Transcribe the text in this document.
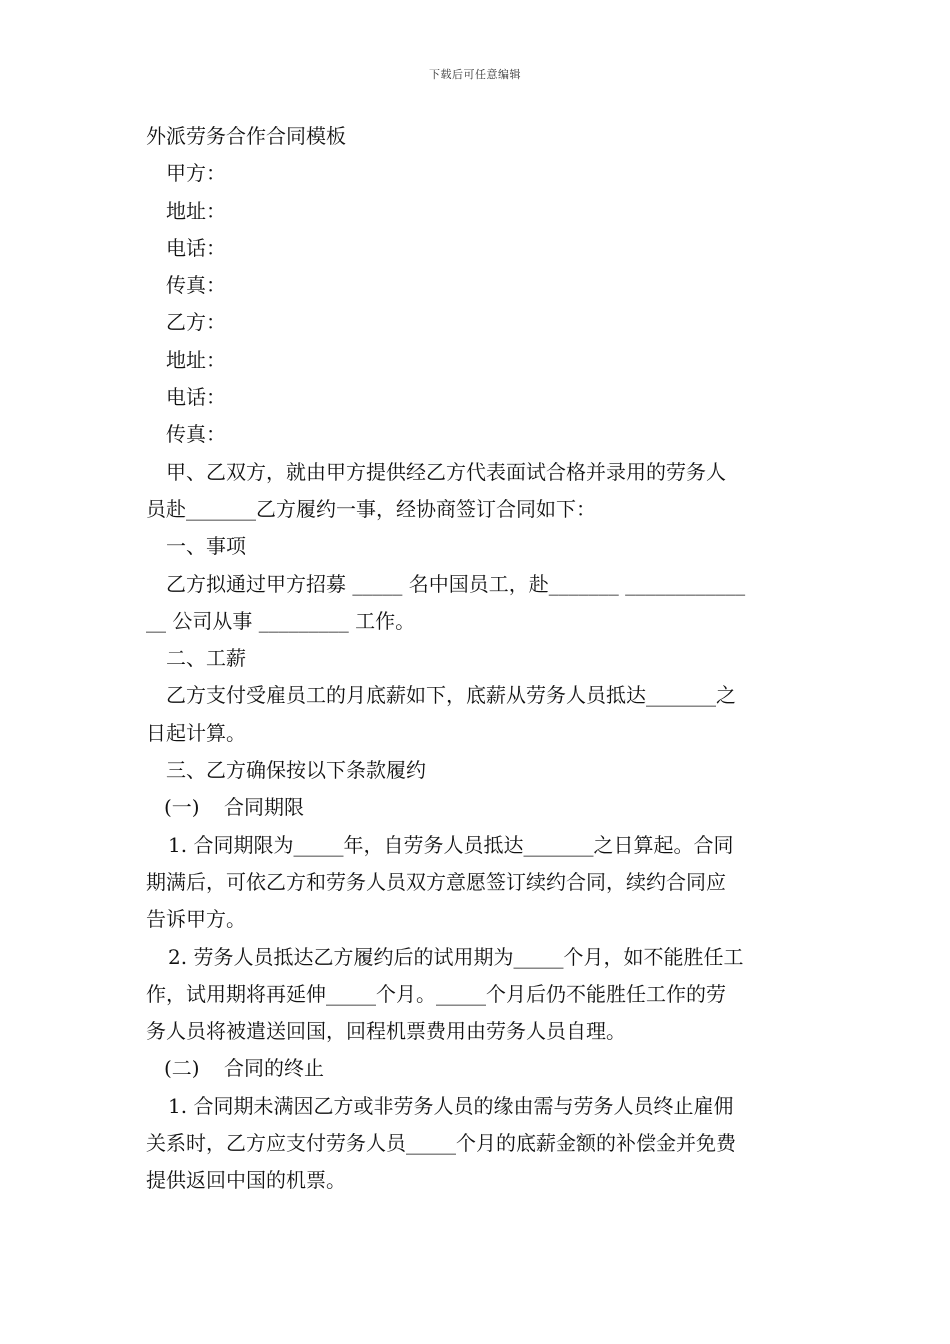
下载后可任意编辑
外派劳务合作合同模板
甲方：
地址：
电话：
传真：
乙方：
地址：
电话：
传真：
甲、乙双方，就由甲方提供经乙方代表面试合格并录用的劳务人
员赴_______乙方履约一事，经协商签订合同如下：
一、事项
乙方拟通过甲方招募 _____ 名中国员工，赴_______ ____________
__ 公司从事 _________ 工作。
二、工薪
乙方支付受雇员工的月底薪如下，底薪从劳务人员抵达_______之
日起计算。
三、乙方确保按以下条款履约
(一) 合同期限
1. 合同期限为_____年，自劳务人员抵达_______之日算起。合同
期满后，可依乙方和劳务人员双方意愿签订续约合同，续约合同应
告诉甲方。
2. 劳务人员抵达乙方履约后的试用期为_____个月，如不能胜任工
作，试用期将再延伸_____个月。_____个月后仍不能胜任工作的劳
务人员将被遣送回国，回程机票费用由劳务人员自理。
(二) 合同的终止
1. 合同期未满因乙方或非劳务人员的缘由需与劳务人员终止雇佣
关系时，乙方应支付劳务人员_____个月的底薪金额的补偿金并免费
提供返回中国的机票。
